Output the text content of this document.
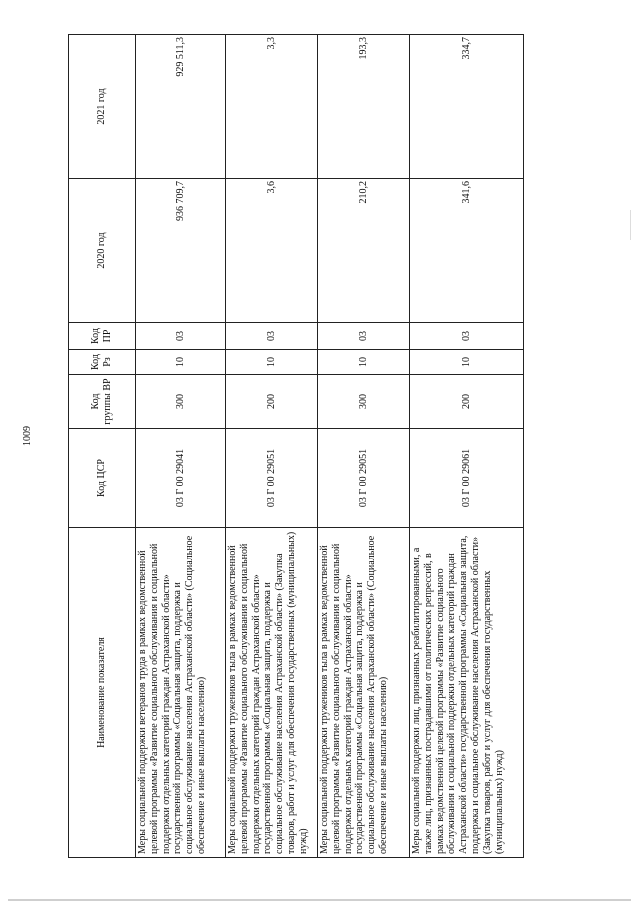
1009
Наименование показателя	Код ЦСР	Код группы ВР	Код Рз	Код ПР	2020 год	2021 год
Меры социальной поддержки ветеранов труда в рамках ведомственной целевой программы «Развитие социального обслуживания и социальной поддержки отдельных категорий граждан Астраханской области» государственной программы «Социальная защита, поддержка и социальное обслуживание населения Астраханской области» (Социальное обеспечение и иные выплаты населению)	03 Г 00 29041	300	10	03	936 709,7	929 511,3
Меры социальной поддержки тружеников тыла в рамках ведомственной целевой программы «Развитие социального обслуживания и социальной поддержки отдельных категорий граждан Астраханской области» государственной программы «Социальная защита, поддержка и социальное обслуживание населения Астраханской области» (Закупка товаров, работ и услуг для обеспечения государственных (муниципальных) нужд)	03 Г 00 29051	200	10	03	3,6	3,3
Меры социальной поддержки тружеников тыла в рамках ведомственной целевой программы «Развитие социального обслуживания и социальной поддержки отдельных категорий граждан Астраханской области» государственной программы «Социальная защита, поддержка и социальное обслуживание населения Астраханской области» (Социальное обеспечение и иные выплаты населению)	03 Г 00 29051	300	10	03	210,2	193,3
Меры социальной поддержки лиц, признанных реабилитированными, а также лиц, признанных пострадавшими от политических репрессий, в рамках ведомственной целевой программы «Развитие социального обслуживания и социальной поддержки отдельных категорий граждан Астраханской области» государственной программы «Социальная защита, поддержка и социальное обслуживание населения Астраханской области» (Закупка товаров, работ и услуг для обеспечения государственных (муниципальных) нужд)	03 Г 00 29061	200	10	03	341,6	334,7
